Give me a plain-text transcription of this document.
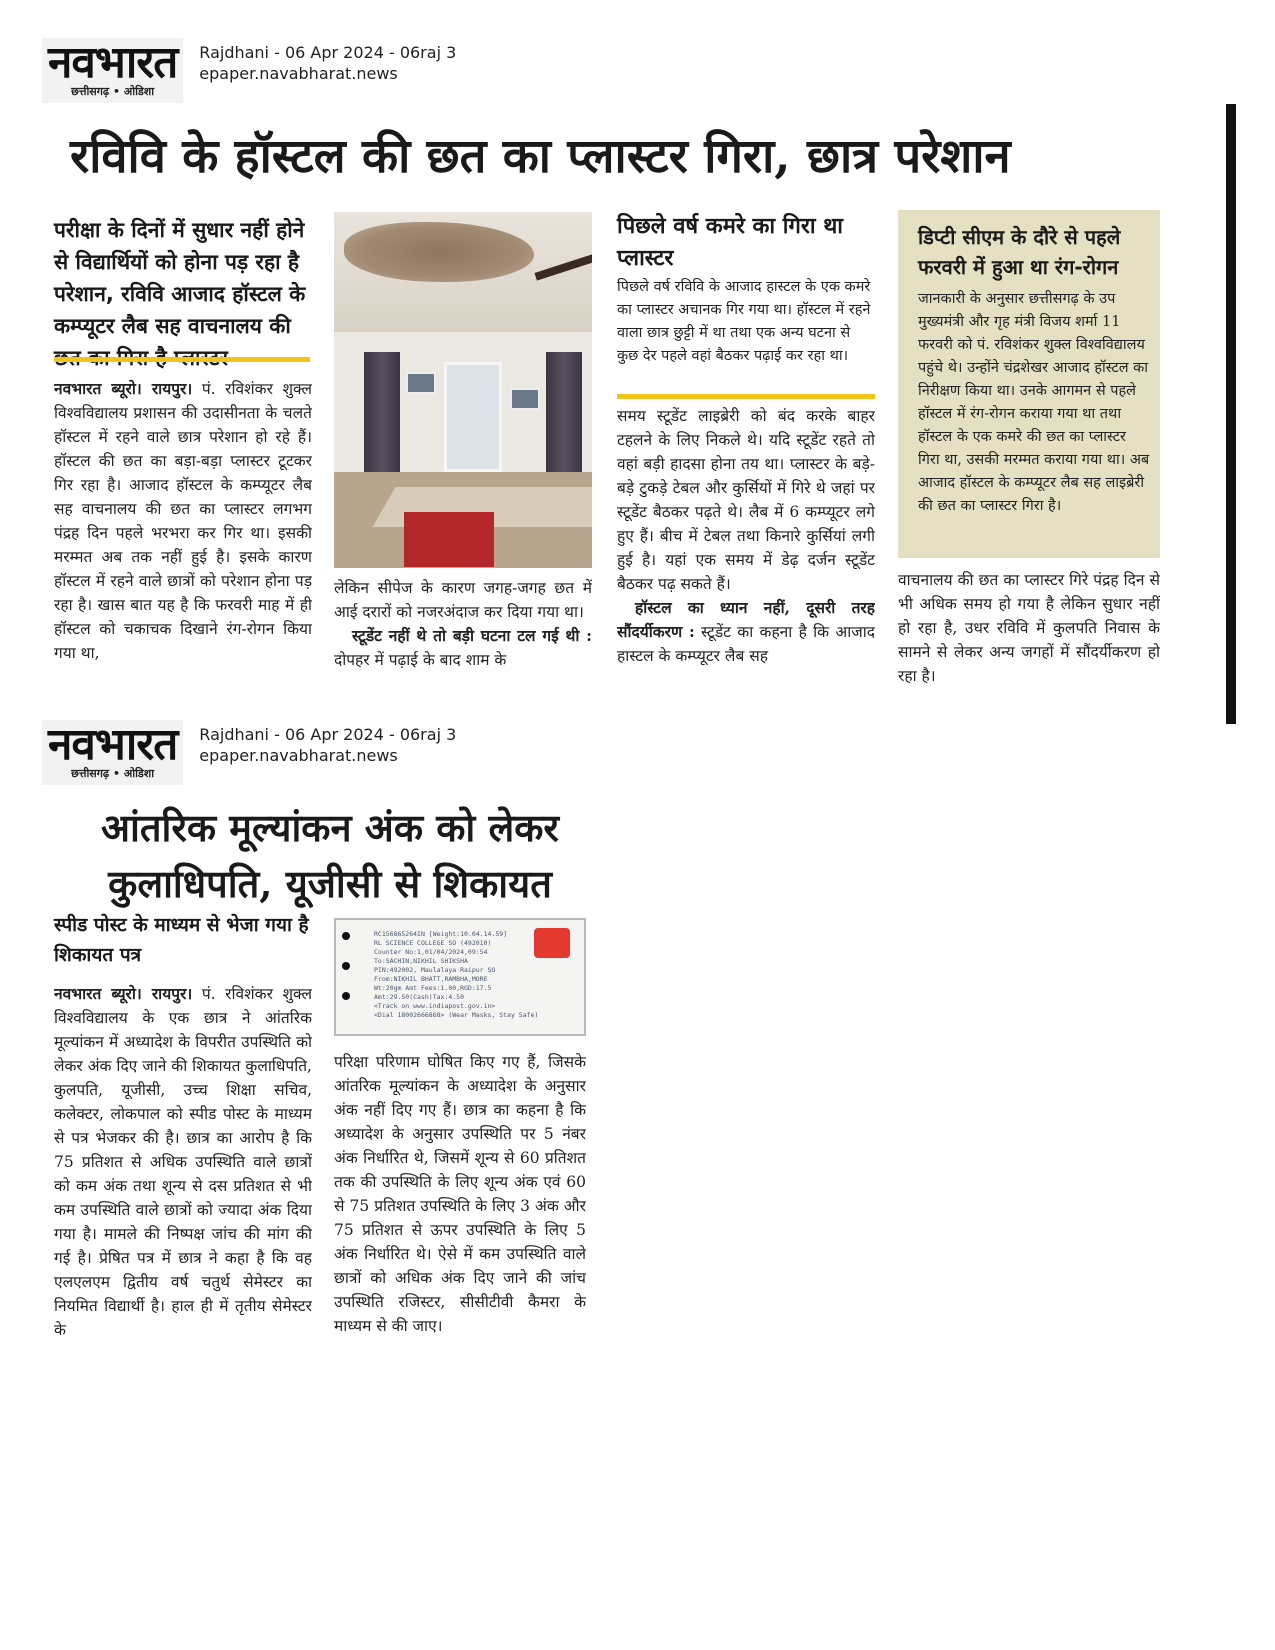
नवभारत
छत्तीसगढ़ • ओडिशा
Rajdhani - 06 Apr 2024 - 06raj 3
epaper.navabharat.news
रविवि के हॉस्टल की छत का प्लास्टर गिरा, छात्र परेशान
परीक्षा के दिनों में सुधार नहीं होने से विद्यार्थियों को होना पड़ रहा है परेशान, रविवि आजाद हॉस्टल के कम्प्यूटर लैब सह वाचनालय की

नवभारत ब्यूरो। रायपुर। पं. रविशंकर शुक्ल विश्वविद्यालय प्रशासन की उदासीनता के चलते हॉस्टल में रहने वाले छात्र परेशान हो रहे हैं। हॉस्टल की छत का बड़ा-बड़ा प्लास्टर टूटकर गिर रहा है। आजाद हॉस्टल के कम्प्यूटर लैब सह वाचनालय की छत का प्लास्टर लगभग पंद्रह दिन पहले भरभरा कर गिर था। इसकी मरम्मत अब तक नहीं हुई है। इसके कारण हॉस्टल में रहने वाले छात्रों को परेशान होना पड़ रहा है। खास बात यह है कि फरवरी माह में ही हॉस्टल को चकाचक दिखाने रंग-रोगन किया गया था,

लेकिन सीपेज के कारण जगह-जगह छत में आई दरारों को नजरअंदाज कर दिया गया था।

स्टूडेंट नहीं थे तो बड़ी घटना टल गई थी : दोपहर में पढ़ाई के बाद शाम के

पिछले वर्ष कमरे का गिरा था प्लास्टर
पिछले वर्ष रविवि के आजाद हास्टल के एक कमरे का प्लास्टर अचानक गिर गया था। हॉस्टल में रहने वाला छात्र छुट्टी में था तथा एक अन्य घटना से कुछ देर पहले वहां बैठकर पढ़ाई कर रहा था।

समय स्टूडेंट लाइब्रेरी को बंद करके बाहर टहलने के लिए निकले थे। यदि स्टूडेंट रहते तो वहां बड़ी हादसा होना तय था। प्लास्टर के बड़े-बड़े टुकड़े टेबल और कुर्सियों में गिरे थे जहां पर स्टूडेंट बैठकर पढ़ते थे। लैब में 6 कम्प्यूटर लगे हुए हैं। बीच में टेबल तथा किनारे कुर्सियां लगी हुई है। यहां एक समय में डेढ़ दर्जन स्टूडेंट बैठकर पढ़ सकते हैं।

हॉस्टल का ध्यान नहीं, दूसरी तरह सौंदर्यीकरण : स्टूडेंट का कहना है कि आजाद हास्टल के कम्प्यूटर लैब सह

डिप्टी सीएम के दौरे से पहले फरवरी में हुआ था रंग-रोगन
जानकारी के अनुसार छत्तीसगढ़ के उप मुख्यमंत्री और गृह मंत्री विजय शर्मा 11 फरवरी को पं. रविशंकर शुक्ल विश्वविद्यालय पहुंचे थे। उन्होंने चंद्रशेखर आजाद हॉस्टल का निरीक्षण किया था। उनके आगमन से पहले हॉस्टल में रंग-रोगन कराया गया था तथा हॉस्टल के एक कमरे की छत का प्लास्टर गिरा था, उसकी मरम्मत कराया गया था। अब आजाद हॉस्टल के कम्प्यूटर लैब सह लाइब्रेरी की छत का प्लास्टर गिरा है।
वाचनालय की छत का प्लास्टर गिरे पंद्रह दिन से भी अधिक समय हो गया है लेकिन सुधार नहीं हो रहा है, उधर रविवि में कुलपति निवास के सामने से लेकर अन्य जगहों में सौंदर्यीकरण हो रहा है।
नवभारत
छत्तीसगढ़ • ओडिशा
Rajdhani - 06 Apr 2024 - 06raj 3
epaper.navabharat.news
आंतरिक मूल्यांकन अंक को लेकर
कुलाधिपति, यूजीसी से शिकायत
स्पीड पोस्ट के माध्यम से भेजा गया है शिकायत पत्र

नवभारत ब्यूरो। रायपुर। पं. रविशंकर शुक्ल विश्वविद्यालय के एक छात्र ने आंतरिक मूल्यांकन में अध्यादेश के विपरीत उपस्थिति को लेकर अंक दिए जाने की शिकायत कुलाधिपति, कुलपति, यूजीसी, उच्च शिक्षा सचिव, कलेक्टर, लोकपाल को स्पीड पोस्ट के माध्यम से पत्र भेजकर की है। छात्र का आरोप है कि 75 प्रतिशत से अधिक उपस्थिति वाले छात्रों को कम अंक तथा शून्य से दस प्रतिशत से भी कम उपस्थिति वाले छात्रों को ज्यादा अंक दिया गया है। मामले की निष्पक्ष जांच की मांग की गई है। प्रेषित पत्र में छात्र ने कहा है कि वह एलएलएम द्वितीय वर्ष चतुर्थ सेमेस्टर का नियमित विद्यार्थी है। हाल ही में तृतीय सेमेस्टर के

RC156865264IN [Weight:10.04.14.59]
RL SCIENCE COLLEGE SO (492010)
Counter No:1,01/04/2024,09:54
To:SACHIN,NIKHIL SHIKSHA
PIN:492002, Maulalaya Raipur SO
From:NIKHIL BHATT,RAMBHA,MORE
Wt:20gm Amt Fees:1.00,RGD:17.5
Amt:29.50(Cash)Tax:4.50
<Track on www.indiapost.gov.in>
<Dial 18002666868> (Wear Masks, Stay Safe)
परिक्षा परिणाम घोषित किए गए हैं, जिसके आंतरिक मूल्यांकन के अध्यादेश के अनुसार अंक नहीं दिए गए हैं। छात्र का कहना है कि अध्यादेश के अनुसार उपस्थिति पर 5 नंबर अंक निर्धारित थे, जिसमें शून्य से 60 प्रतिशत तक की उपस्थिति के लिए शून्य अंक एवं 60 से 75 प्रतिशत उपस्थिति के लिए 3 अंक और 75 प्रतिशत से ऊपर उपस्थिति के लिए 5 अंक निर्धारित थे। ऐसे में कम उपस्थिति वाले छात्रों को अधिक अंक दिए जाने की जांच उपस्थिति रजिस्टर, सीसीटीवी कैमरा के माध्यम से की जाए।
